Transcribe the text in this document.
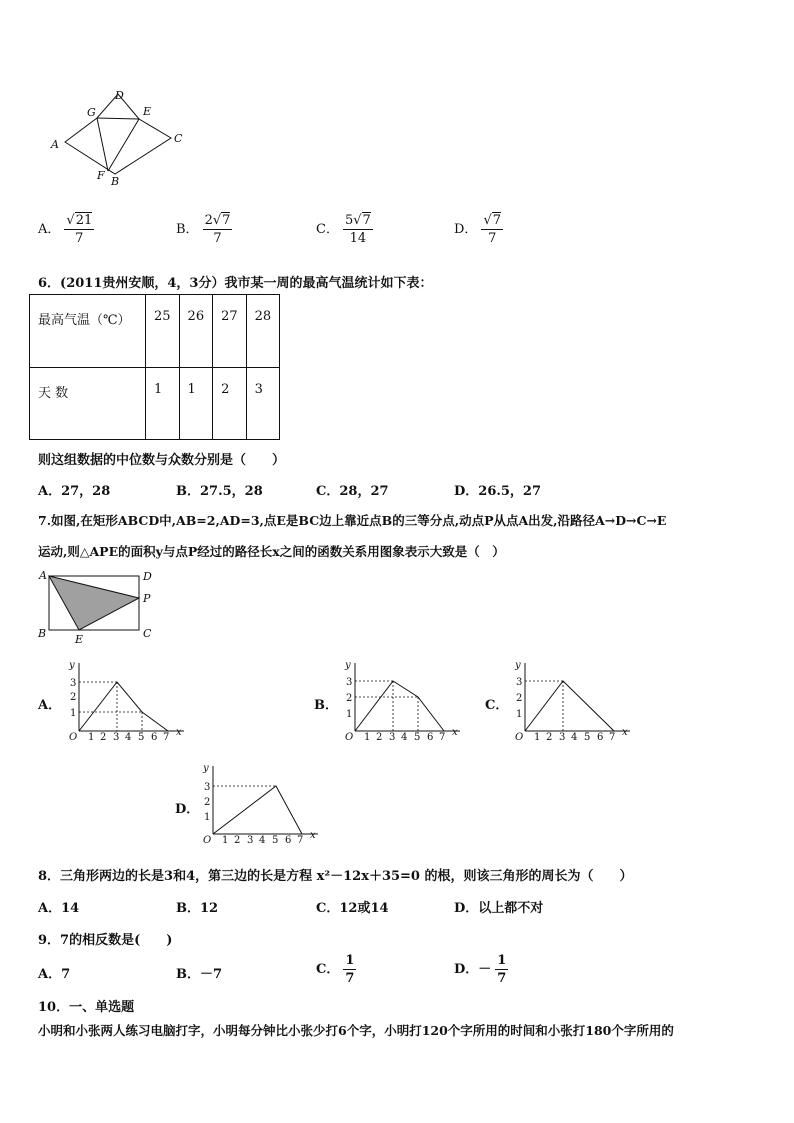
A
B
C
D
E
F
G
A． $\frac{√21}{7}$	B． $\frac{2√7}{7}$	C． $\frac{5√7}{14}$	D． $\frac{√7}{7}$
6．(2011贵州安顺，4，3分）我市某一周的最高气温统计如下表：
最高气温（℃）	25	26	27	28
天 数	1	1	2	3
则这组数据的中位数与众数分别是（　　）
A．27，28	B．27.5，28	C．28，27	D．26.5，27
7.如图,在矩形ABCD中,AB=2,AD=3,点E是BC边上靠近点B的三等分点,动点P从点A出发,沿路径A→D→C→E
运动,则△APE的面积y与点P经过的路径长x之间的函数关系用图象表示大致是（　）
A	D
P
B	C
E
A．	B．	C．
D．
y
O
3
2
1
1 2 3 4 5 6 7 x
y
O
3
2
1
1 2 3 4 5 6 7 x
y
O
3
2
1
1 2 3 4 5 6 7 x
y
O
3
2
1
1 2 3 4 5 6 7 x
8．三角形两边的长是3和4，第三边的长是方程 x²－12x＋35=0 的根，则该三角形的周长为（　　）
A．14	B．12	C．12或14	D．以上都不对
9．7的相反数是(　　)
A．7	B．－7	C． $\frac{1}{7}$	D．－ $\frac{1}{7}$
10．一、单选题
小明和小张两人练习电脑打字，小明每分钟比小张少打6个字，小明打120个字所用的时间和小张打180个字所用的
